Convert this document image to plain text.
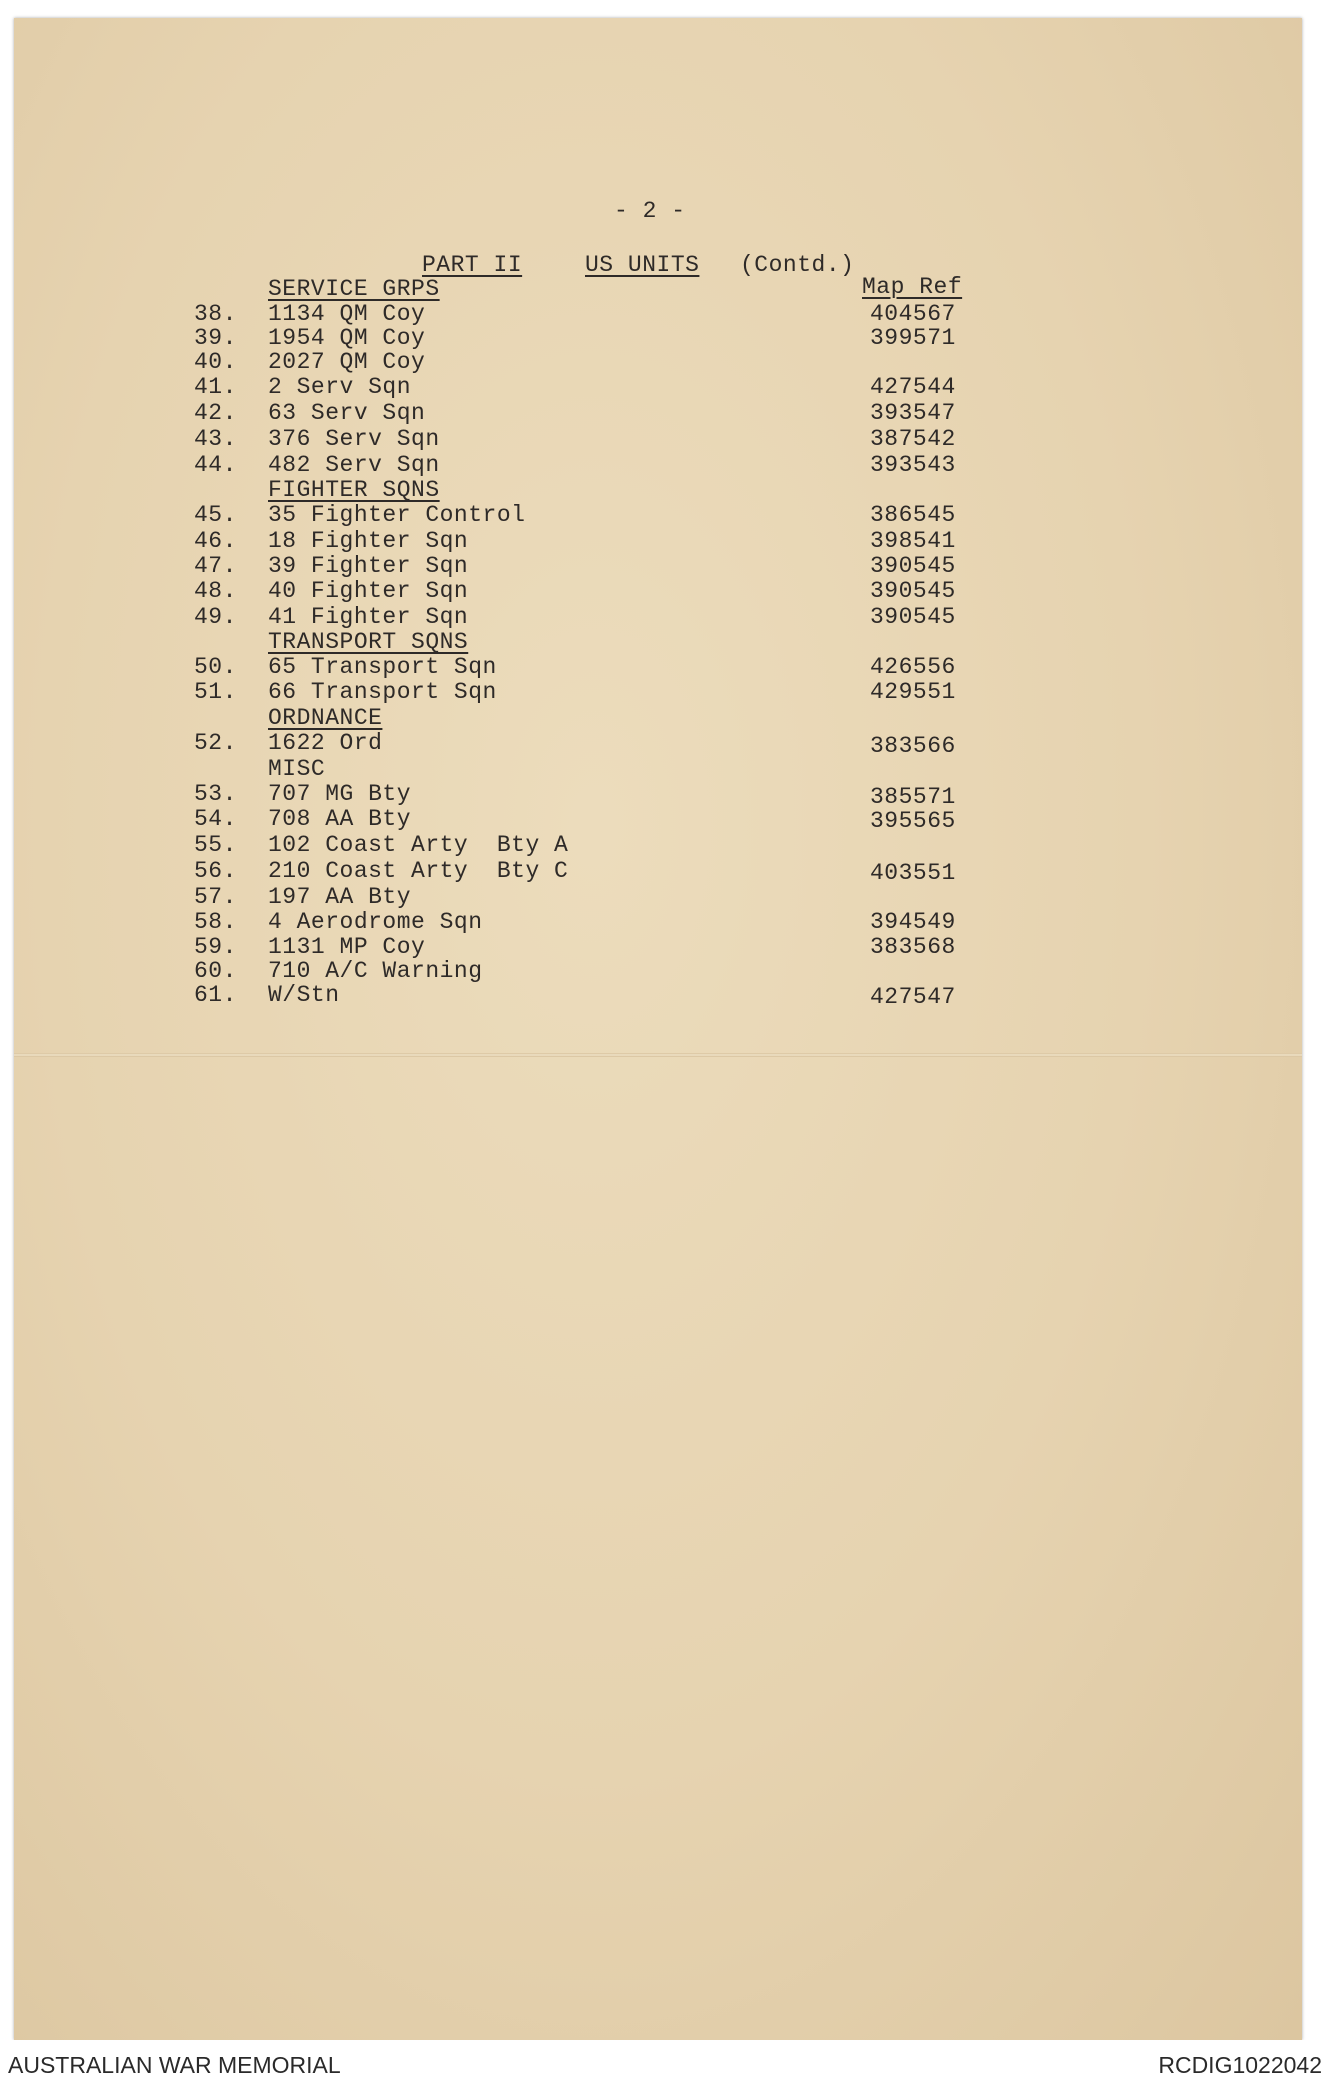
- 2 -
PART II	US UNITS (Contd.)
Map Ref
SERVICE GRPS
38. 1134 QM Coy	404567
39. 1954 QM Coy	399571
40. 2027 QM Coy
41. 2 Serv Sqn	427544
42. 63 Serv Sqn	393547
43. 376 Serv Sqn	387542
44. 482 Serv Sqn	393543
FIGHTER SQNS
45. 35 Fighter Control	386545
46. 18 Fighter Sqn	398541
47. 39 Fighter Sqn	390545
48. 40 Fighter Sqn	390545
49. 41 Fighter Sqn	390545
TRANSPORT SQNS
50. 65 Transport Sqn	426556
51. 66 Transport Sqn	429551
ORDNANCE
52. 1622 Ord	383566
MISC
53. 707 MG Bty	385571
54. 708 AA Bty	395565
55. 102 Coast Arty  Bty A
56. 210 Coast Arty  Bty C	403551
57. 197 AA Bty
58. 4 Aerodrome Sqn	394549
59. 1131 MP Coy	383568
60. 710 A/C Warning
61. W/Stn	427547
AUSTRALIAN WAR MEMORIAL	RCDIG1022042
